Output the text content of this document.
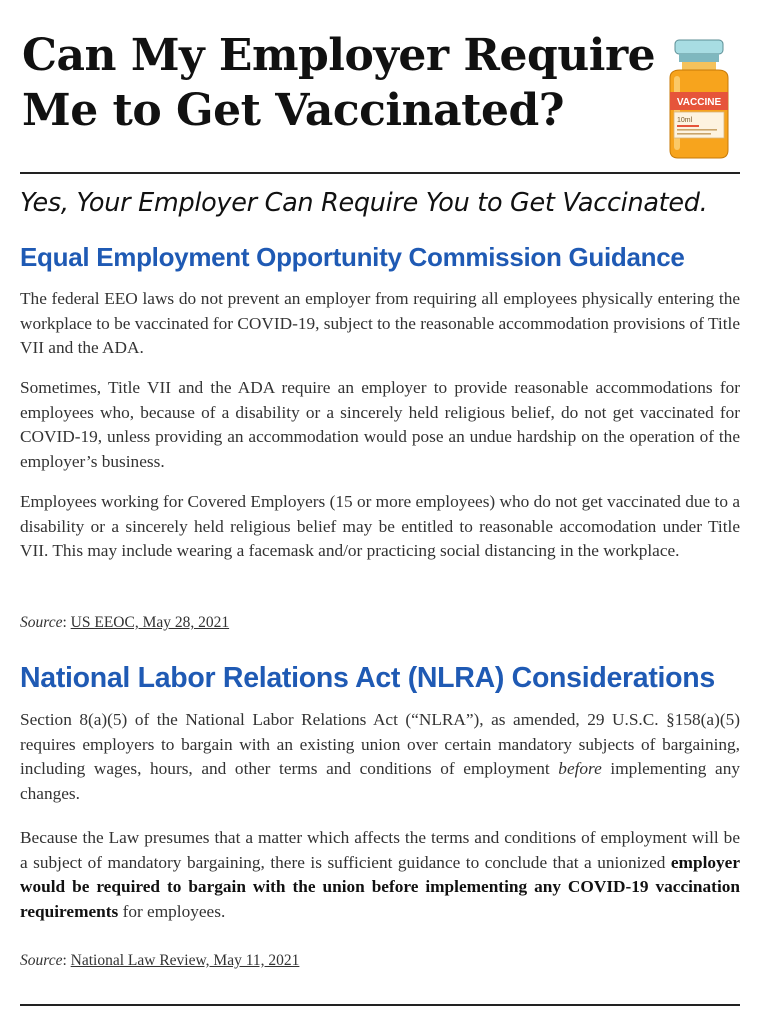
Can My Employer Require
Me to Get Vaccinated?	VACCINE
10ml

Yes, Your Employer Can Require You to Get Vaccinated.

Equal Employment Opportunity Commission Guidance

The federal EEO laws do not prevent an employer from requiring all employees physically entering the workplace to be vaccinated for COVID-19, subject to the reasonable accommodation provisions of Title VII and the ADA.

Sometimes, Title VII and the ADA require an employer to provide reasonable accommodations for employees who, because of a disability or a sincerely held religious belief, do not get vaccinated for COVID-19, unless providing an accommodation would pose an undue hardship on the operation of the employer’s business.

Employees working for Covered Employers (15 or more employees) who do not get vaccinated due to a disability or a sincerely held religious belief may be entitled to reasonable accomodation under Title VII. This may include wearing a facemask and/or practicing social distancing in the workplace.

Source: US EEOC, May 28, 2021

National Labor Relations Act (NLRA) Considerations

Section 8(a)(5) of the National Labor Relations Act (“NLRA”), as amended, 29 U.S.C. §158(a)(5) requires employers to bargain with an existing union over certain mandatory subjects of bargaining, including wages, hours, and other terms and conditions of employment before implementing any changes.

Because the Law presumes that a matter which affects the terms and conditions of employment will be a subject of mandatory bargaining, there is sufficient guidance to conclude that a unionized employer would be required to bargain with the union before implementing any COVID-19 vaccination requirements for employees.

Source: National Law Review, May 11, 2021
